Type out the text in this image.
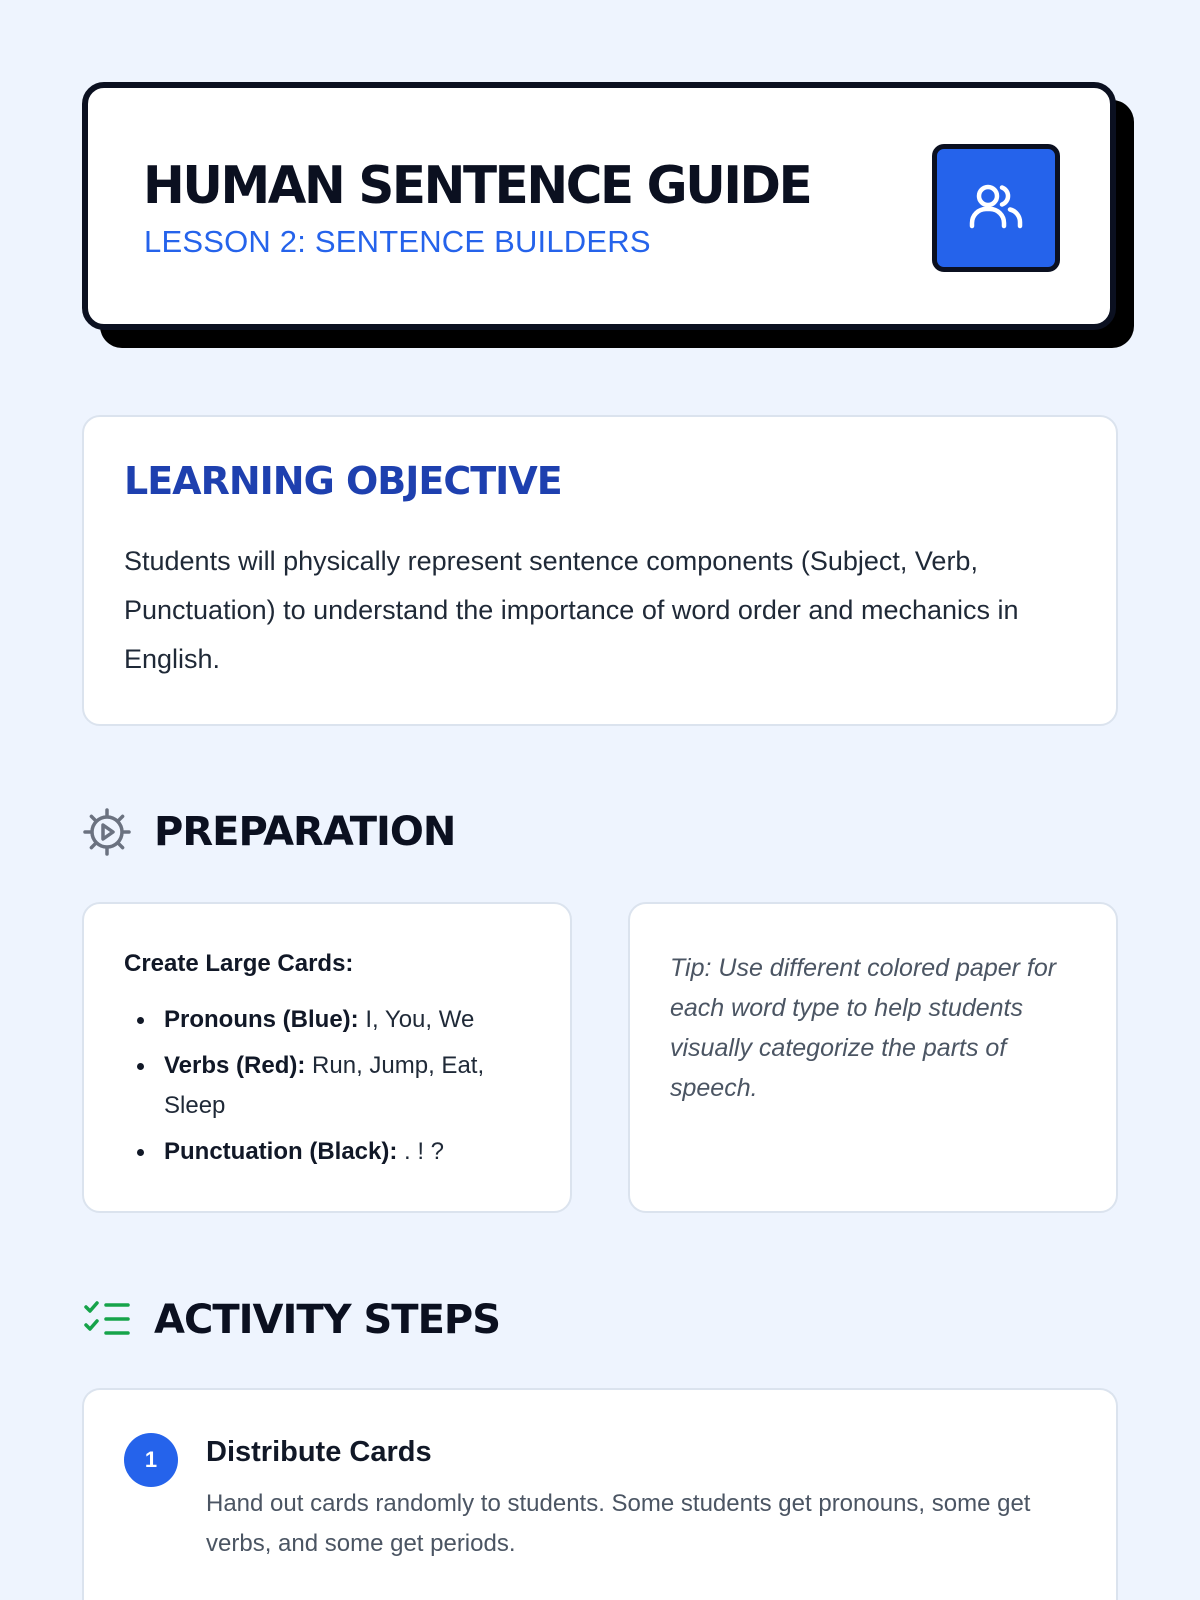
HUMAN SENTENCE GUIDE
LESSON 2: SENTENCE BUILDERS
LEARNING OBJECTIVE
Students will physically represent sentence components (Subject, Verb, Punctuation) to understand the importance of word order and mechanics in English.
PREPARATION
Create Large Cards:
Pronouns (Blue): I, You, We
Verbs (Red): Run, Jump, Eat, Sleep
Punctuation (Black): . ! ?
Tip: Use different colored paper for each word type to help students visually categorize the parts of speech.
ACTIVITY STEPS
1	Distribute Cards
Hand out cards randomly to students. Some students get pronouns, some get verbs, and some get periods.
